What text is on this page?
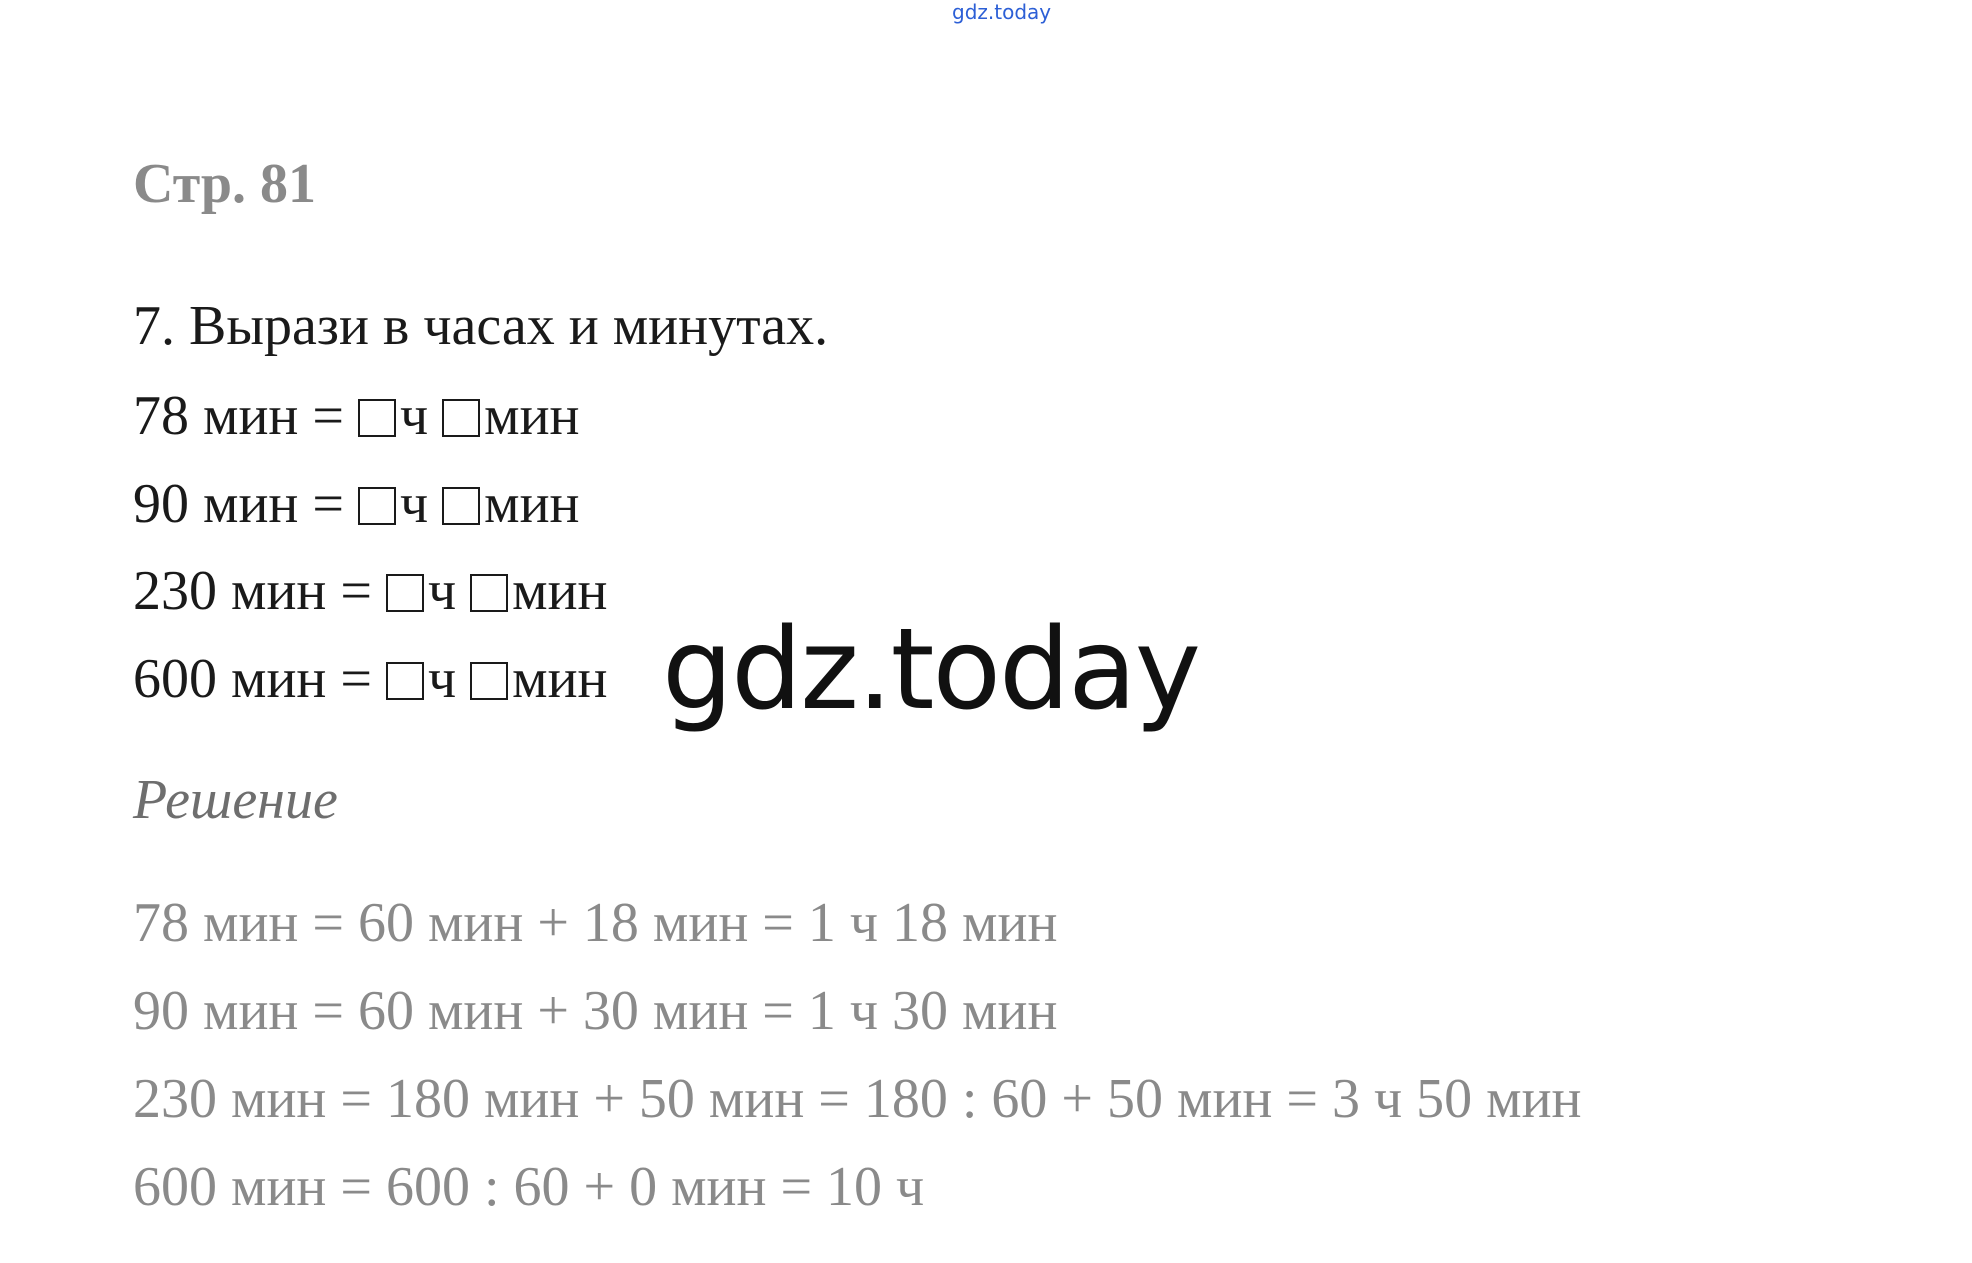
gdz.today
Стр. 81
7. Вырази в часах и минутах.
78 мин = ч мин
90 мин = ч мин
230 мин = ч мин
600 мин = ч мин gdz.today
Решение
78 мин = 60 мин + 18 мин = 1 ч 18 мин
90 мин = 60 мин + 30 мин = 1 ч 30 мин
230 мин = 180 мин + 50 мин = 180 : 60 + 50 мин = 3 ч 50 мин
600 мин = 600 : 60 + 0 мин = 10 ч
